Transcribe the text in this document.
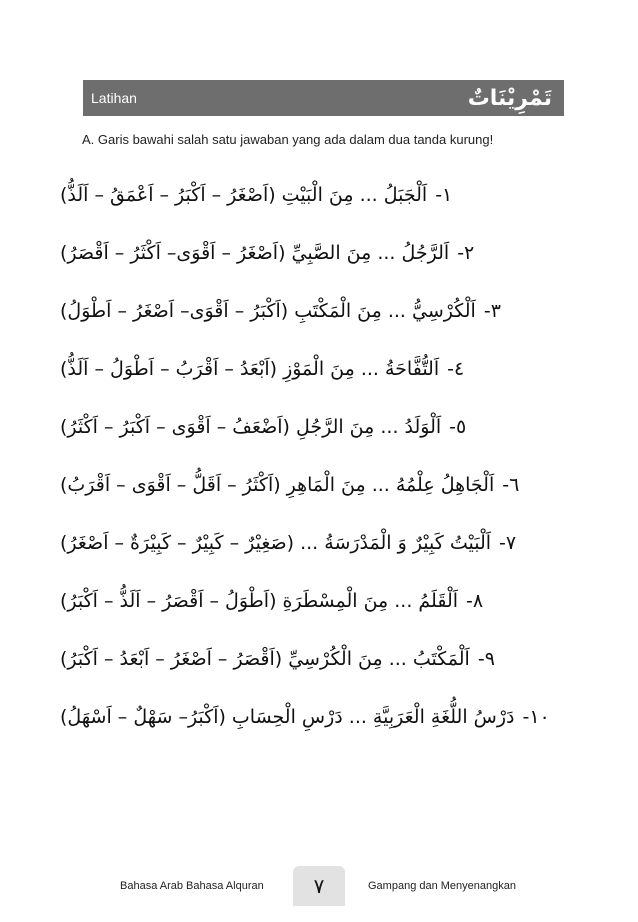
Latihan	تَمْرِيْنَاتٌ
A. Garis bawahi salah satu jawaban yang ada dalam dua tanda kurung!
١-
اَلْجَبَلُ ... مِنَ الْبَيْتِ
(اَصْغَرُ – اَكْبَرُ – اَعْمَقُ – اَلَذُّ)
٢-
اَلرَّجُلُ ... مِنَ الصَّبِيِّ
(اَصْغَرُ – اَقْوَى– اَكْثَرُ – اَقْصَرُ)
٣-
اَلْكُرْسِيُّ ... مِنَ الْمَكْتَبِ
(اَكْبَرُ – اَقْوَى– اَصْغَرُ – اَطْوَلُ)
٤-
اَلتُّفَّاحَةُ ... مِنَ الْمَوْزِ
(اَبْعَدُ – اَقْرَبُ – اَطْوَلُ – اَلَذُّ)
٥-
اَلْوَلَدُ ... مِنَ الرَّجُلِ
(اَضْعَفُ – اَقْوَى – اَكْبَرُ – اَكْثَرُ)
٦-
اَلْجَاهِلُ عِلْمُهُ ... مِنَ الْمَاهِرِ
(اَكْثَرُ – اَقَلُّ – اَقْوَى – اَقْرَبُ)
٧-
اَلْبَيْتُ كَبِيْرٌ وَ الْمَدْرَسَةُ ...
(صَغِيْرٌ – كَبِيْرٌ – كَبِيْرَةٌ – اَصْغَرُ)
٨-
اَلْقَلَمُ ... مِنَ الْمِسْطَرَةِ
(اَطْوَلُ – اَقْصَرُ – اَلَذُّ – اَكْبَرُ)
٩-
اَلْمَكْتَبُ ... مِنَ الْكُرْسِيِّ
(اَقْصَرُ – اَصْغَرُ – اَبْعَدُ – اَكْبَرُ)
١٠-
دَرْسُ اللُّغَةِ الْعَرَبِيَّةِ ... دَرْسِ الْحِسَابِ
(اَكْبَرُ– سَهْلٌ – اَسْهَلُ)
Bahasa Arab Bahasa Alquran ٧	Gampang dan Menyenangkan
